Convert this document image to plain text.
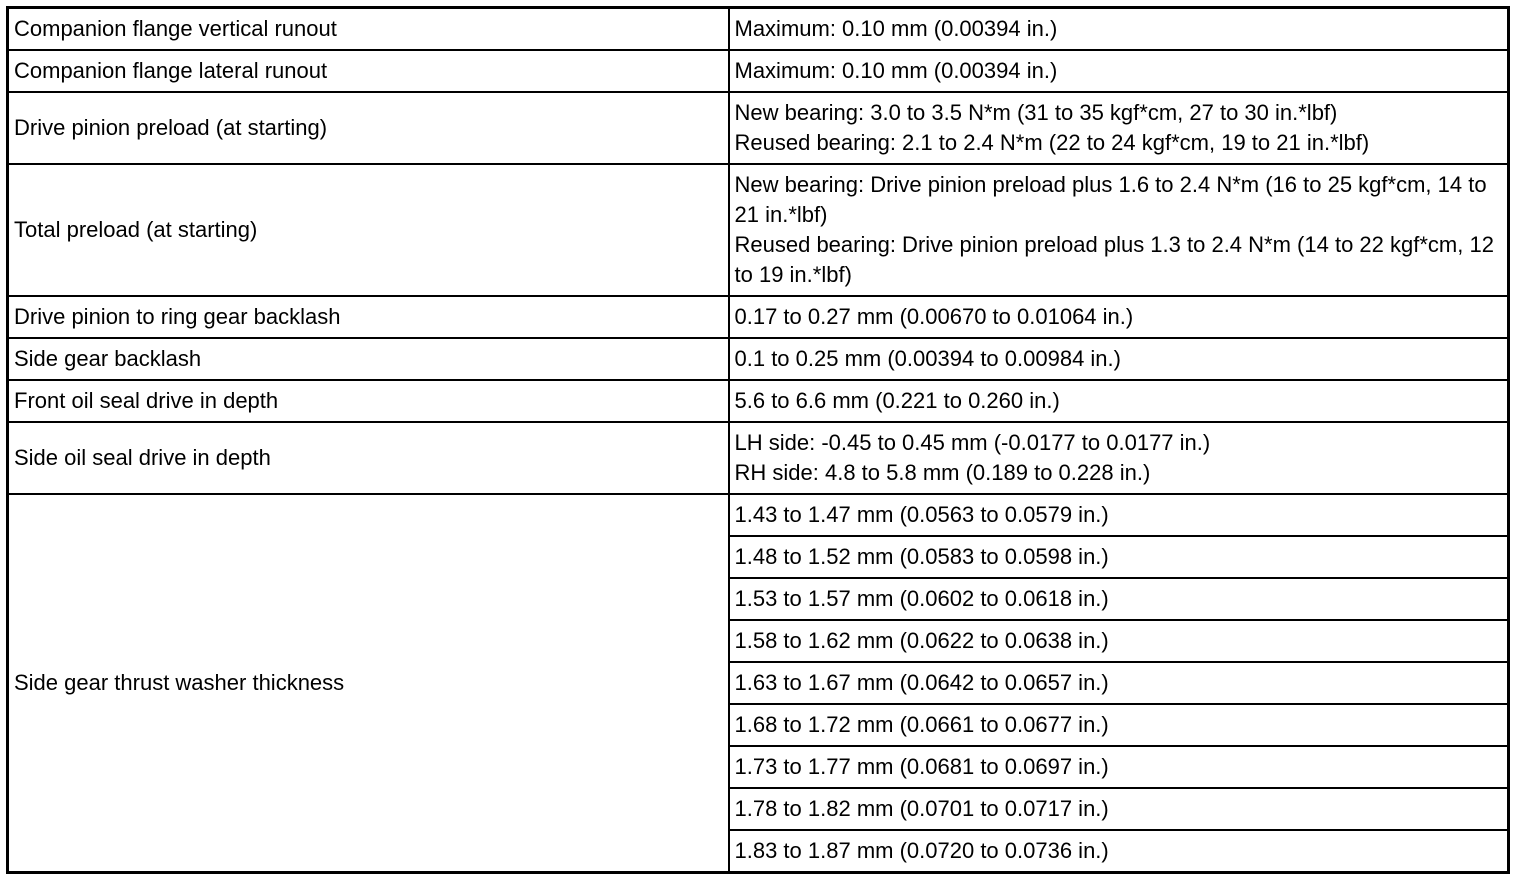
Companion flange vertical runout	Maximum: 0.10 mm (0.00394 in.)

Companion flange lateral runout	Maximum: 0.10 mm (0.00394 in.)

Drive pinion preload (at starting)	New bearing: 3.0 to 3.5 N*m (31 to 35 kgf*cm, 27 to 30 in.*lbf)
Reused bearing: 2.1 to 2.4 N*m (22 to 24 kgf*cm, 19 to 21 in.*lbf)

Total preload (at starting)	New bearing: Drive pinion preload plus 1.6 to 2.4 N*m (16 to 25 kgf*cm, 14 to 21 in.*lbf)
Reused bearing: Drive pinion preload plus 1.3 to 2.4 N*m (14 to 22 kgf*cm, 12 to 19 in.*lbf)

Drive pinion to ring gear backlash	0.17 to 0.27 mm (0.00670 to 0.01064 in.)

Side gear backlash	0.1 to 0.25 mm (0.00394 to 0.00984 in.)

Front oil seal drive in depth	5.6 to 6.6 mm (0.221 to 0.260 in.)

Side oil seal drive in depth	LH side: -0.45 to 0.45 mm (-0.0177 to 0.0177 in.)
RH side: 4.8 to 5.8 mm (0.189 to 0.228 in.)

Side gear thrust washer thickness	1.43 to 1.47 mm (0.0563 to 0.0579 in.)
	1.48 to 1.52 mm (0.0583 to 0.0598 in.)
	1.53 to 1.57 mm (0.0602 to 0.0618 in.)
	1.58 to 1.62 mm (0.0622 to 0.0638 in.)
	1.63 to 1.67 mm (0.0642 to 0.0657 in.)
	1.68 to 1.72 mm (0.0661 to 0.0677 in.)
	1.73 to 1.77 mm (0.0681 to 0.0697 in.)
	1.78 to 1.82 mm (0.0701 to 0.0717 in.)
	1.83 to 1.87 mm (0.0720 to 0.0736 in.)
